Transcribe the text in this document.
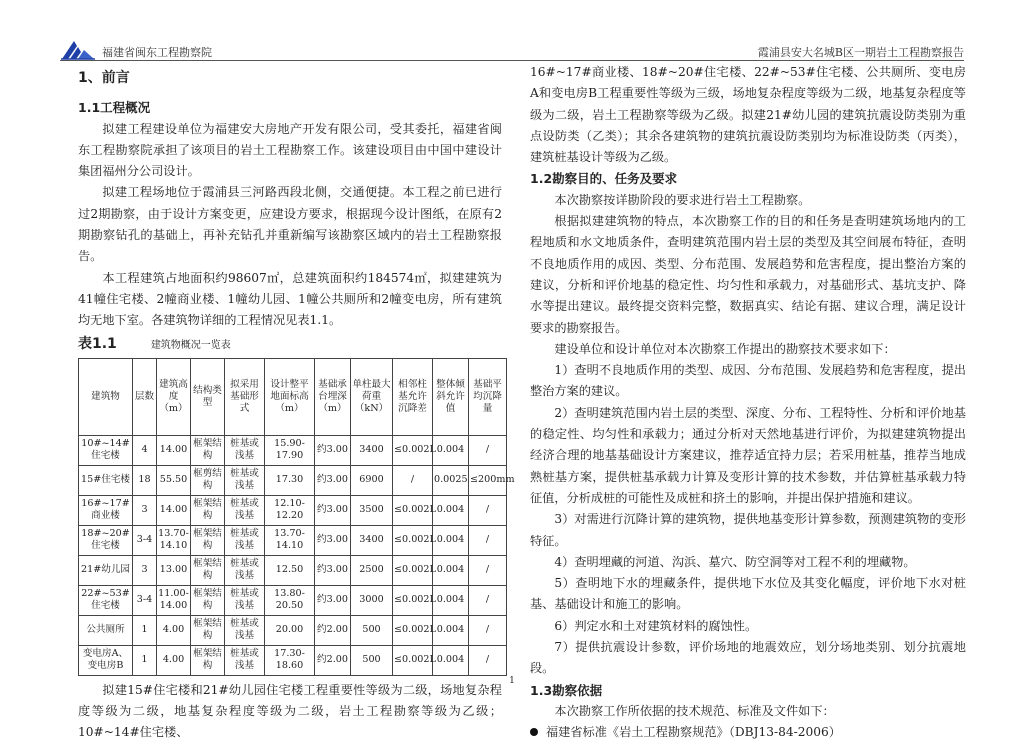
福建省闽东工程勘察院	霞浦县安大名城B区一期岩土工程勘察报告
1、前言
1.1工程概况

拟建工程建设单位为福建安大房地产开发有限公司，受其委托，福建省闽东工程勘察院承担了该项目的岩土工程勘察工作。该建设项目由中国中建设计集团福州分公司设计。

拟建工程场地位于霞浦县三河路西段北侧，交通便捷。本工程之前已进行过2期勘察，由于设计方案变更，应建设方要求，根据现今设计图纸，在原有2期勘察钻孔的基础上，再补充钻孔并重新编写该勘察区域内的岩土工程勘察报告。

本工程建筑占地面积约98607㎡，总建筑面积约184574㎡，拟建建筑为41幢住宅楼、2幢商业楼、1幢幼儿园、1幢公共厕所和2幢变电房，所有建筑均无地下室。各建筑物详细的工程情况见表1.1。

表1.1	建筑物概况一览表
建筑物	层数	建筑高度（m）	结构类型	拟采用基础形式	设计整平地面标高（m）	基础承台埋深（m）	单柱最大荷重（kN）	相邻柱基允许沉降差	整体倾斜允许值	基础平均沉降量
10#~14#住宅楼	4	14.00	框架结构	桩基或浅基	15.90-17.90	约3.00	3400	≤0.002L	0.004	/
15#住宅楼	18	55.50	框剪结构	桩基或浅基	17.30	约3.00	6900	/	0.0025	≤200mm
16#~17#商业楼	3	14.00	框架结构	桩基或浅基	12.10-12.20	约3.00	3500	≤0.002L	0.004	/
18#~20#住宅楼	3-4	13.70-14.10	框架结构	桩基或浅基	13.70-14.10	约3.00	3400	≤0.002L	0.004	/
21#幼儿园	3	13.00	框架结构	桩基或浅基	12.50	约3.00	2500	≤0.002L	0.004	/
22#~53#住宅楼	3-4	11.00-14.00	框架结构	桩基或浅基	13.80-20.50	约3.00	3000	≤0.002L	0.004	/
公共厕所	1	4.00	框架结构	桩基或浅基	20.00	约2.00	500	≤0.002L	0.004	/
变电房A、变电房B	1	4.00	框架结构	桩基或浅基	17.30-18.60	约2.00	500	≤0.002L	0.004	/

拟建15#住宅楼和21#幼儿园住宅楼工程重要性等级为二级，场地复杂程度等级为二级，地基复杂程度等级为二级，岩土工程勘察等级为乙级；10#~14#住宅楼、

16#~17#商业楼、18#~20#住宅楼、22#~53#住宅楼、公共厕所、变电房A和变电房B工程重要性等级为三级，场地复杂程度等级为二级，地基复杂程度等级为二级，岩土工程勘察等级为乙级。拟建21#幼儿园的建筑抗震设防类别为重点设防类（乙类）；其余各建筑物的建筑抗震设防类别均为标准设防类（丙类），建筑桩基设计等级为乙级。

1.2勘察目的、任务及要求

本次勘察按详勘阶段的要求进行岩土工程勘察。

根据拟建建筑物的特点，本次勘察工作的目的和任务是查明建筑场地内的工程地质和水文地质条件，查明建筑范围内岩土层的类型及其空间展布特征，查明不良地质作用的成因、类型、分布范围、发展趋势和危害程度，提出整治方案的建议，分析和评价地基的稳定性、均匀性和承载力，对基础形式、基坑支护、降水等提出建议。最终提交资料完整，数据真实、结论有据、建议合理，满足设计要求的勘察报告。

建设单位和设计单位对本次勘察工作提出的勘察技术要求如下：

1）查明不良地质作用的类型、成因、分布范围、发展趋势和危害程度，提出整治方案的建议。

2）查明建筑范围内岩土层的类型、深度、分布、工程特性、分析和评价地基的稳定性、均匀性和承载力；通过分析对天然地基进行评价，为拟建建筑物提出经济合理的地基基础设计方案建议，推荐适宜持力层；若采用桩基，推荐当地成熟桩基方案，提供桩基承载力计算及变形计算的技术参数，并估算桩基承载力特征值，分析成桩的可能性及成桩和挤土的影响，并提出保护措施和建议。

3）对需进行沉降计算的建筑物，提供地基变形计算参数，预测建筑物的变形特征。

4）查明埋藏的河道、沟浜、墓穴、防空洞等对工程不利的埋藏物。

5）查明地下水的埋藏条件，提供地下水位及其变化幅度，评价地下水对桩基、基础设计和施工的影响。

6）判定水和土对建筑材料的腐蚀性。

7）提供抗震设计参数，评价场地的地震效应，划分场地类别、划分抗震地段。

1.3勘察依据

本次勘察工作所依据的技术规范、标准及文件如下：

福建省标准《岩土工程勘察规范》（DBJ13-84-2006）

1
